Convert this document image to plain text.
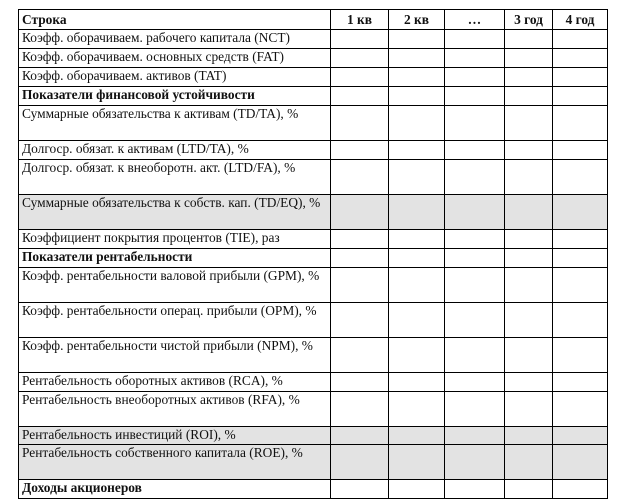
Строка	1 кв	2 кв	…	3 год	4 год
Коэфф. оборачиваем. рабочего капитала (NCT)					
Коэфф. оборачиваем. основных средств (FAT)					
Коэфф. оборачиваем. активов (TAT)					
Показатели финансовой устойчивости					
Суммарные обязательства к активам (TD/TA), %					
Долгоср. обязат. к активам (LTD/TA), %					
Долгоср. обязат. к внеоборотн. акт. (LTD/FA), %					
Суммарные обязательства к собств. кап. (TD/EQ), %					
Коэффициент покрытия процентов (TIE), раз					
Показатели рентабельности					
Коэфф. рентабельности валовой прибыли (GPM), %					
Коэфф. рентабельности операц. прибыли (OPM), %					
Коэфф. рентабельности чистой прибыли (NPM), %					
Рентабельность оборотных активов (RCA), %					
Рентабельность внеоборотных активов (RFA), %					
Рентабельность инвестиций (ROI), %					
Рентабельность собственного капитала (ROE), %					
Доходы акционеров					
